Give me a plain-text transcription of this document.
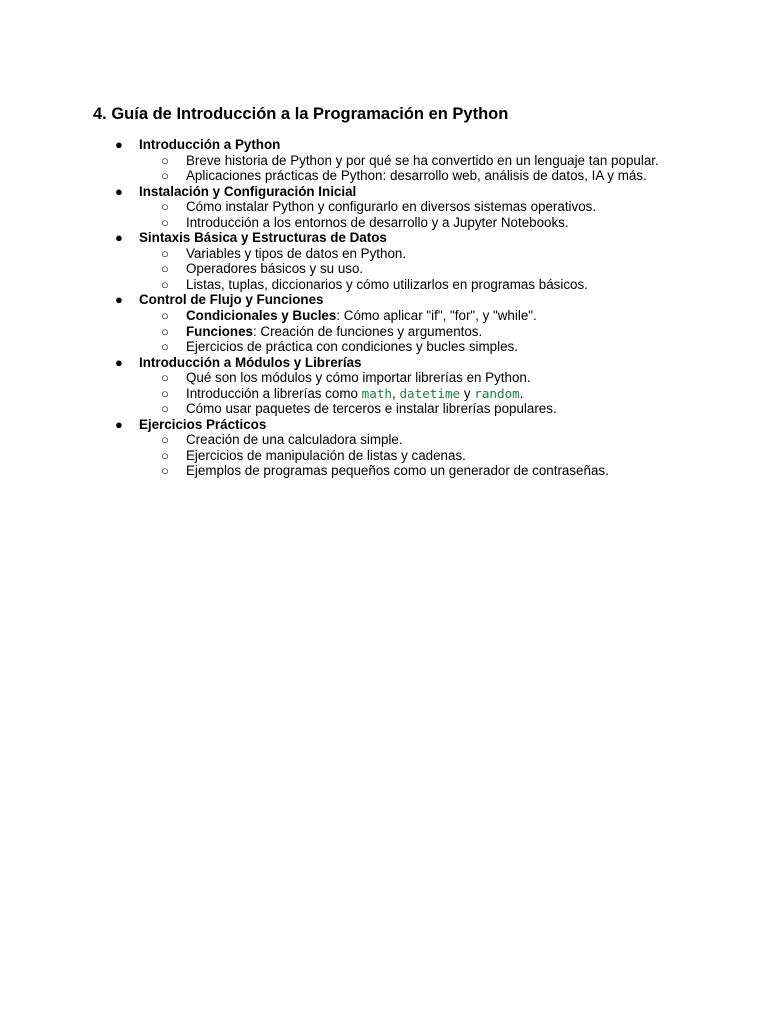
4. Guía de Introducción a la Programación en Python
● Introducción a Python
○ Breve historia de Python y por qué se ha convertido en un lenguaje tan popular.
○ Aplicaciones prácticas de Python: desarrollo web, análisis de datos, IA y más.
● Instalación y Configuración Inicial
○ Cómo instalar Python y configurarlo en diversos sistemas operativos.
○ Introducción a los entornos de desarrollo y a Jupyter Notebooks.
● Sintaxis Básica y Estructuras de Datos
○ Variables y tipos de datos en Python.
○ Operadores básicos y su uso.
○ Listas, tuplas, diccionarios y cómo utilizarlos en programas básicos.
● Control de Flujo y Funciones
○ Condicionales y Bucles: Cómo aplicar "if", "for", y "while".
○ Funciones: Creación de funciones y argumentos.
○ Ejercicios de práctica con condiciones y bucles simples.
● Introducción a Módulos y Librerías
○ Qué son los módulos y cómo importar librerías en Python.
○ Introducción a librerías como math, datetime y random.
○ Cómo usar paquetes de terceros e instalar librerías populares.
● Ejercicios Prácticos
○ Creación de una calculadora simple.
○ Ejercicios de manipulación de listas y cadenas.
○ Ejemplos de programas pequeños como un generador de contraseñas.
